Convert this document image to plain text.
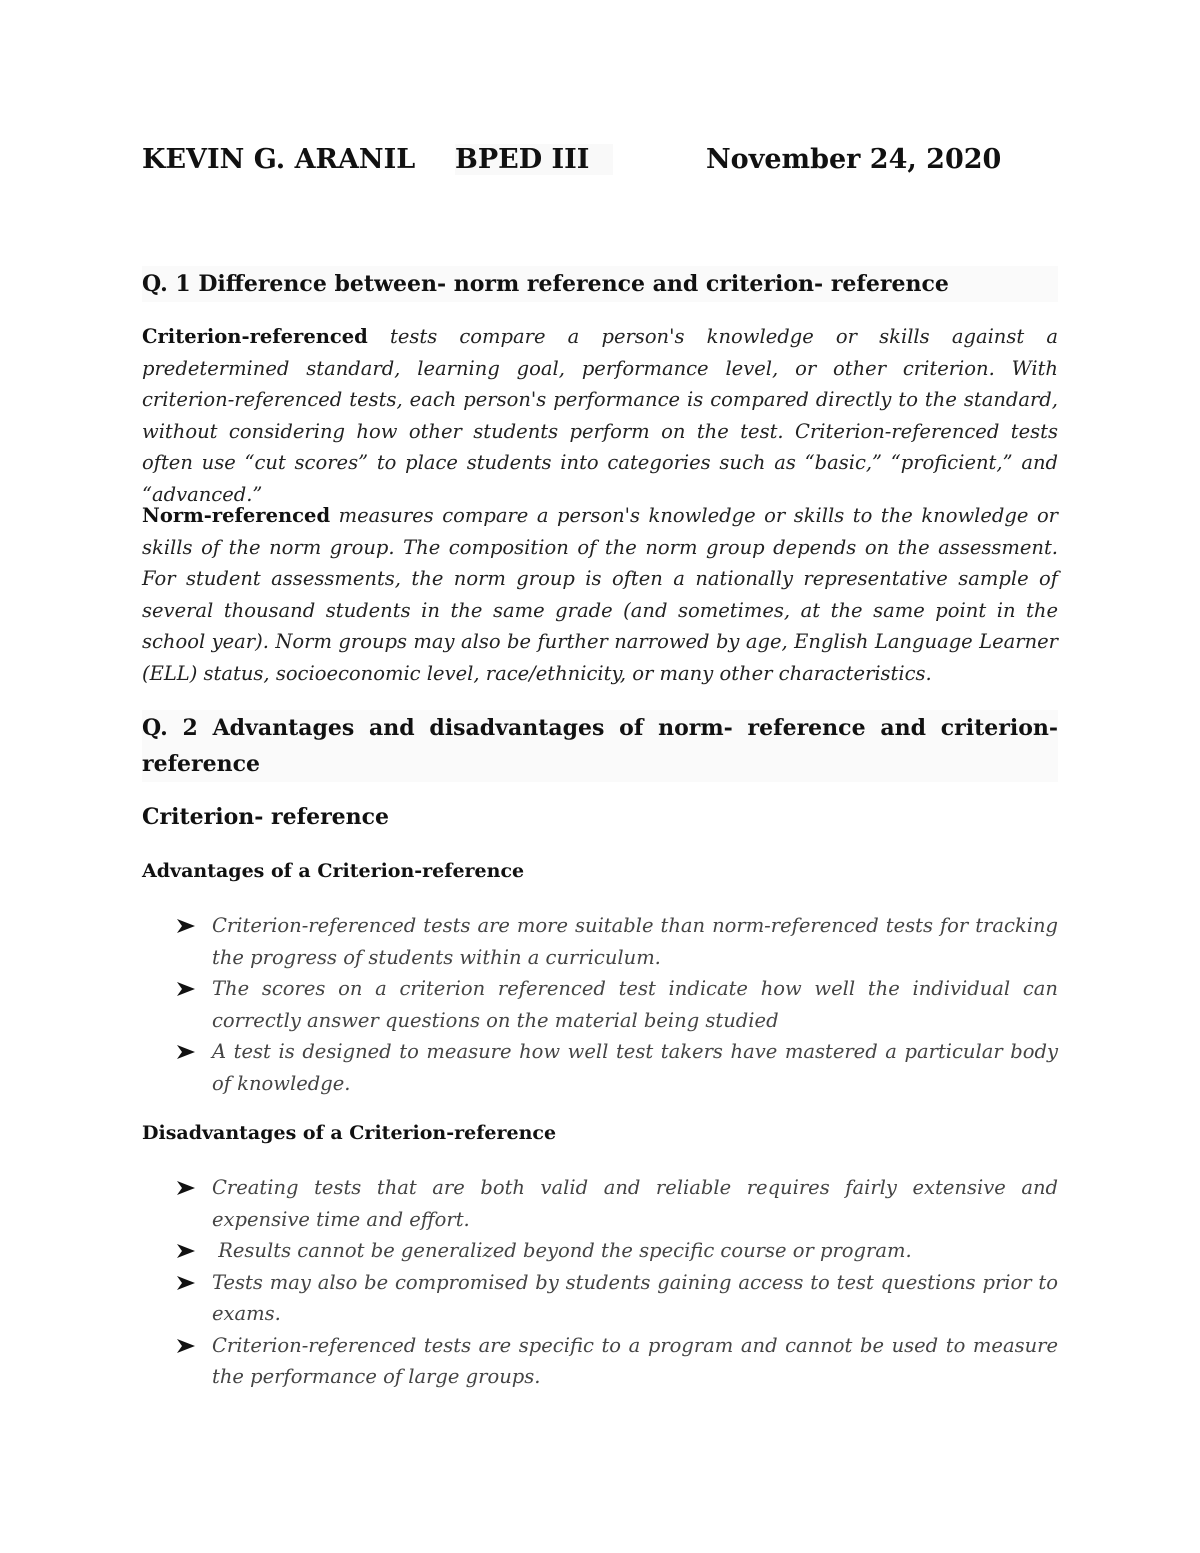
KEVIN G. ARANIL BPED III	November 24, 2020
Q. 1 Difference between- norm reference and criterion- reference

Criterion-referenced tests compare a person's knowledge or skills against a predetermined standard, learning goal, performance level, or other criterion. With criterion-referenced tests, each person's performance is compared directly to the standard, without considering how other students perform on the test. Criterion-referenced tests often use “cut scores” to place students into categories such as “basic,” “proficient,” and “advanced.”

Norm-referenced measures compare a person's knowledge or skills to the knowledge or skills of the norm group. The composition of the norm group depends on the assessment. For student assessments, the norm group is often a nationally representative sample of several thousand students in the same grade (and sometimes, at the same point in the school year). Norm groups may also be further narrowed by age, English Language Learner (ELL) status, socioeconomic level, race/ethnicity, or many other characteristics.

Q. 2 Advantages and disadvantages of norm- reference and criterion- reference
Criterion- reference
Advantages of a Criterion-reference
Criterion-referenced tests are more suitable than norm-referenced tests for tracking the progress of students within a curriculum.
The scores on a criterion referenced test indicate how well the individual can correctly answer questions on the material being studied
A test is designed to measure how well test takers have mastered a particular body of knowledge.
Disadvantages of a Criterion-reference
Creating tests that are both valid and reliable requires fairly extensive and expensive time and effort.
Results cannot be generalized beyond the specific course or program.
Tests may also be compromised by students gaining access to test questions prior to exams.
Criterion-referenced tests are specific to a program and cannot be used to measure the performance of large groups.
